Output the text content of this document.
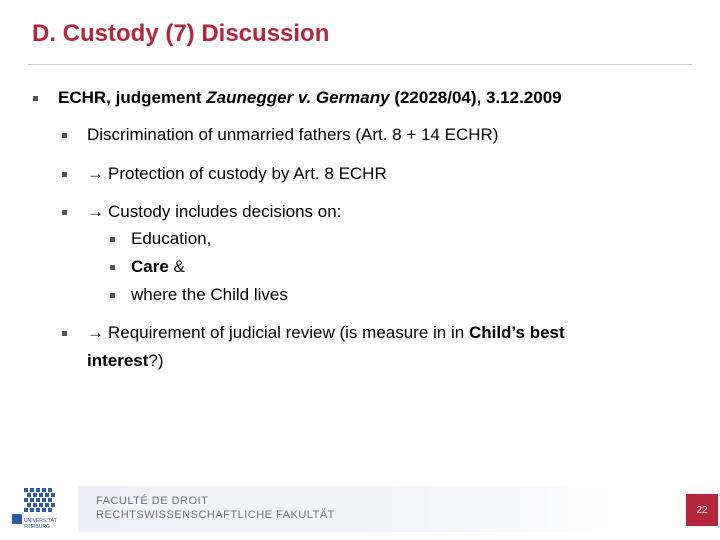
D. Custody (7) Discussion
ECHR, judgement Zaunegger v. Germany (22028/04), 3.12.2009
Discrimination of unmarried fathers (Art. 8 + 14 ECHR)
→ Protection of custody by Art. 8 ECHR
→ Custody includes decisions on:
Education,
Care &
where the Child lives
→ Requirement of judicial review (is measure in in Child’s best
interest?)
FACULTÉ DE DROIT
RECHTSWISSENSCHAFTLICHE FAKULTÄT
UNIVERSITÄT
FREIBURG
22
